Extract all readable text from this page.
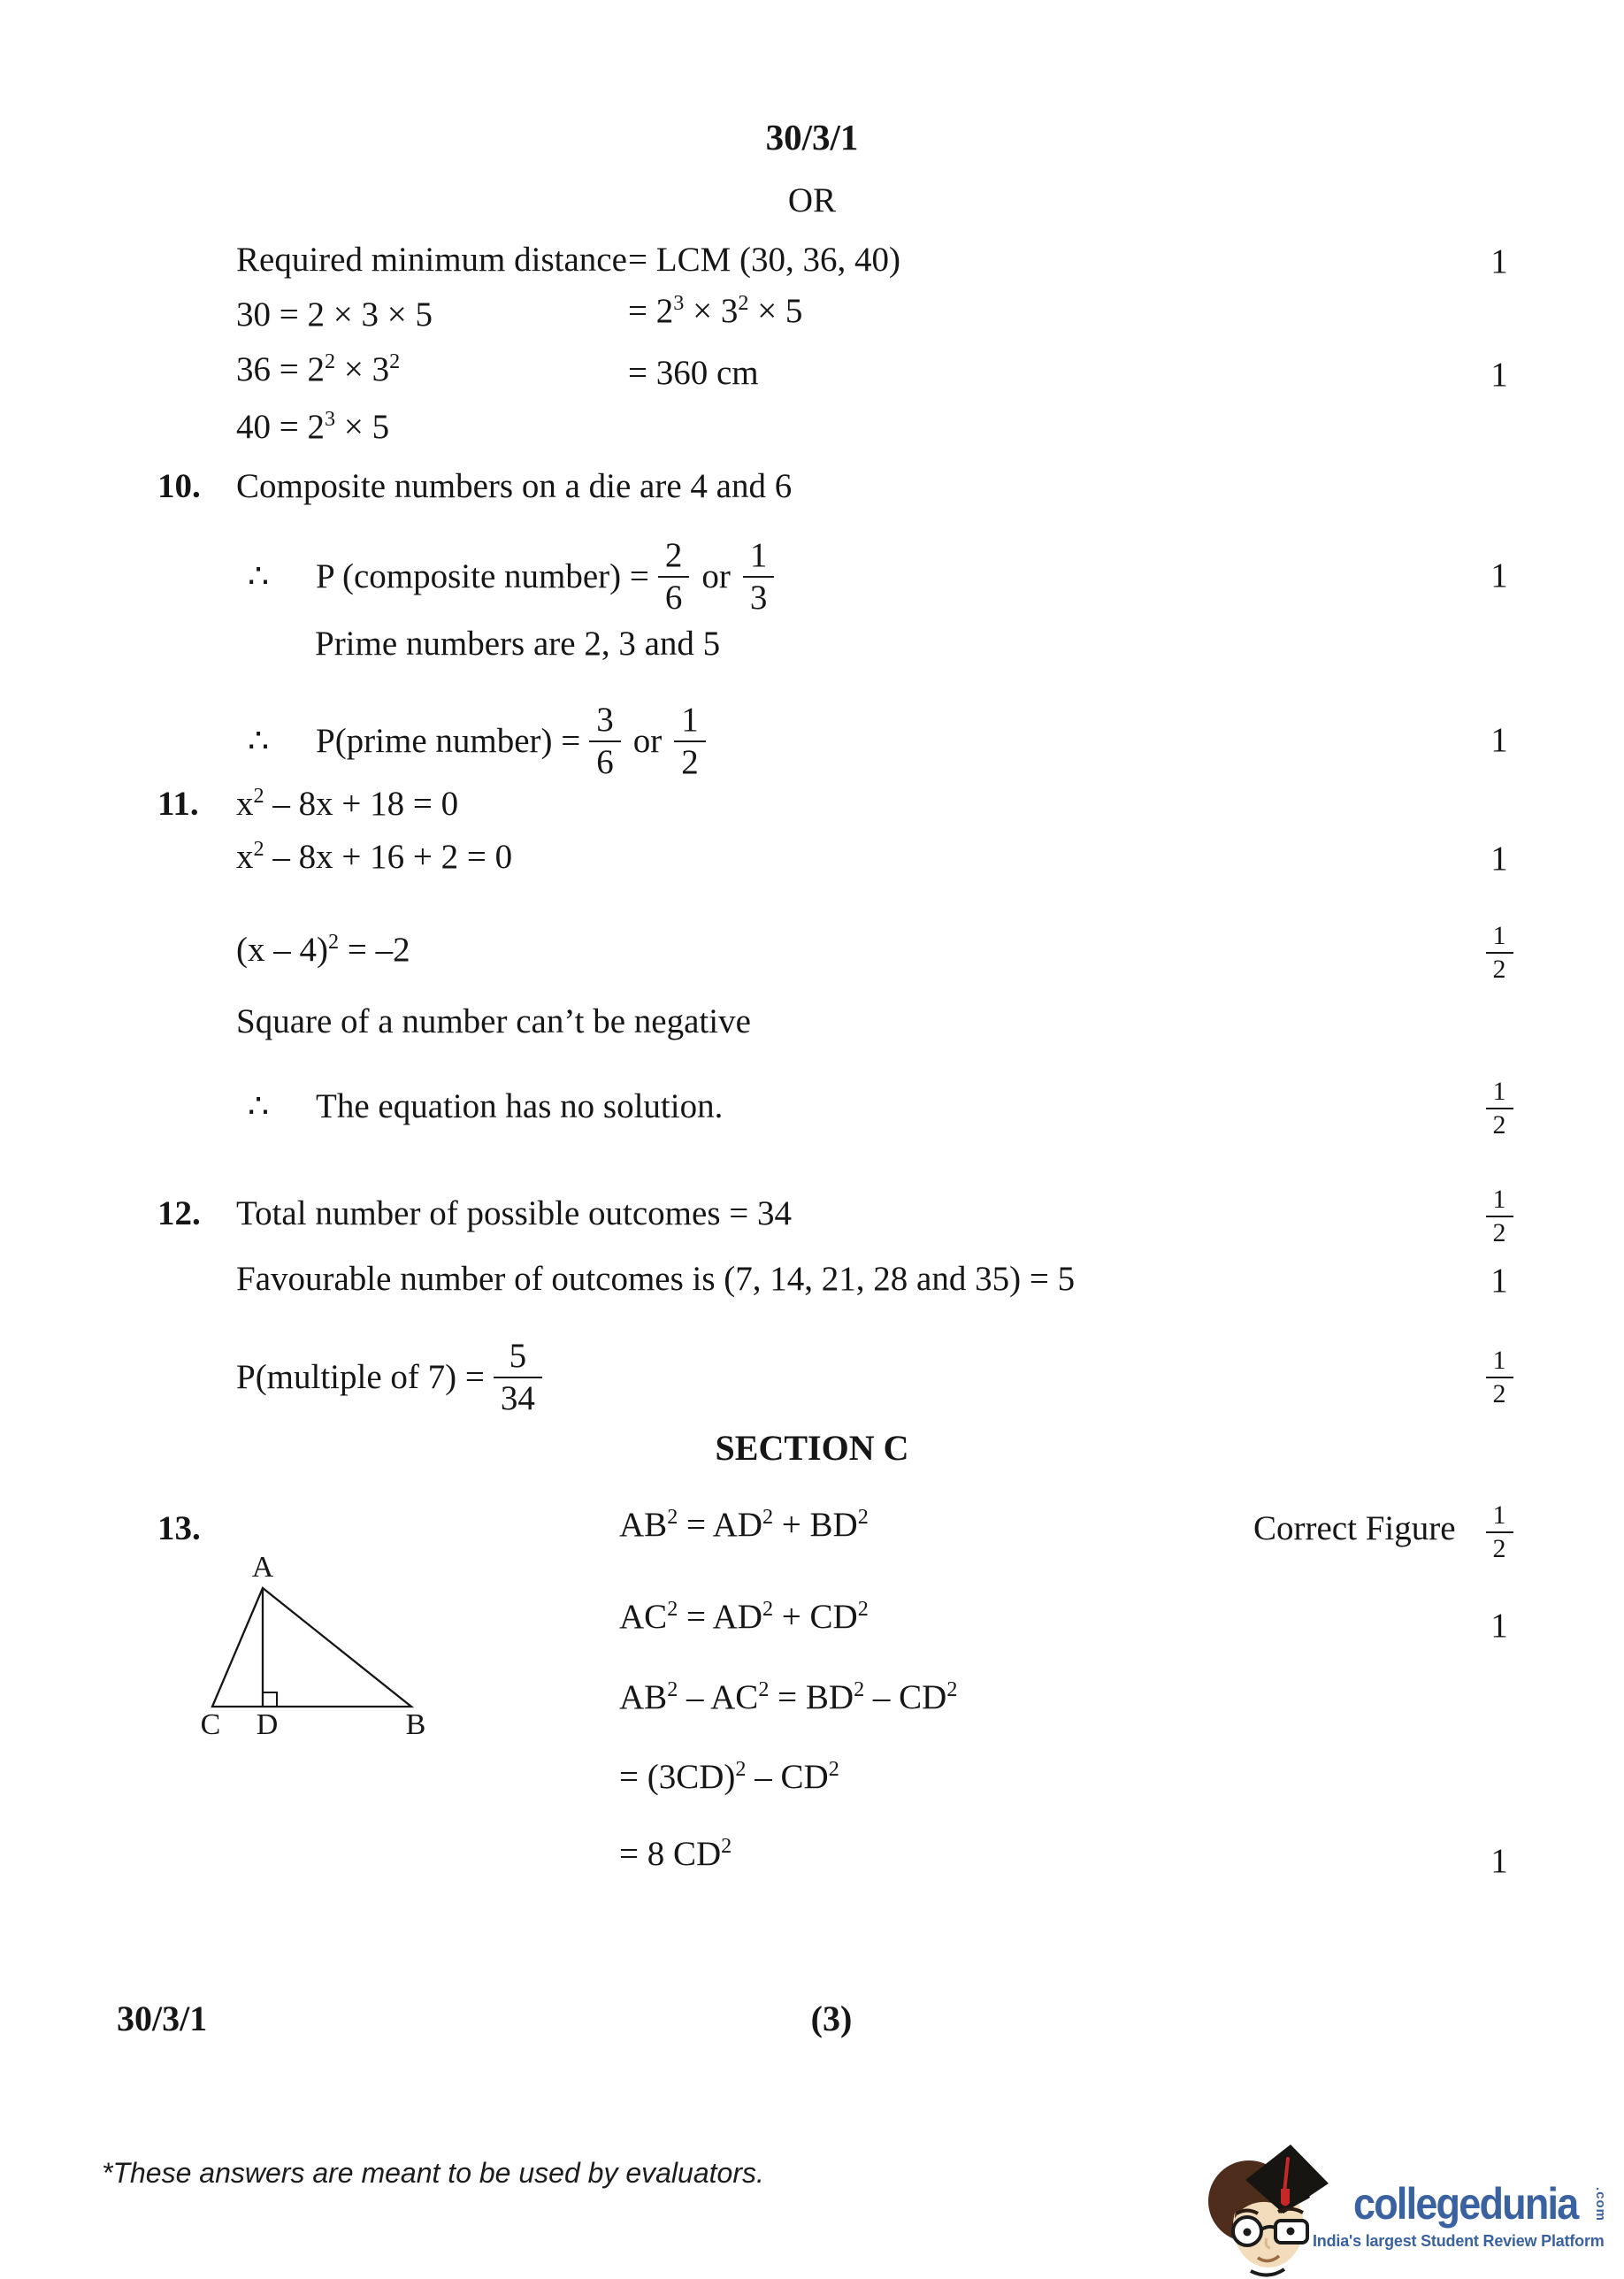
30/3/1
OR
Required minimum distance = LCM (30, 36, 40)	1
30 = 2 × 3 × 5	= $2^3 \times 3^2 \times 5$
$36 = 2^2 \times 3^2$	= 360 cm	1
$40 = 2^3 \times 5$
10. Composite numbers on a die are 4 and 6
∴	P (composite number) = $\frac{2}{6}$ or $\frac{1}{3}$	1
Prime numbers are 2, 3 and 5
∴	P(prime number) = $\frac{3}{6}$ or $\frac{1}{2}$	1
11. $x^2 - 8x + 18 = 0$
$x^2 - 8x + 16 + 2 = 0$	1
(x – 4)$^2$ = –2	$\frac{1}{2}$
Square of a number can’t be negative
∴	The equation has no solution.	$\frac{1}{2}$
12. Total number of possible outcomes = 34	$\frac{1}{2}$
Favourable number of outcomes is (7, 14, 21, 28 and 35) = 5	1
P(multiple of $7) = \frac{5}{34}$	$\frac{1}{2}$
SECTION C
13.
A
C D	B
$AB^2 = AD^2 + BD^2$	Correct Figure $\frac{1}{2}$
$AC^2 = AD^2 + CD^2$	1
$AB^2 - AC^2 = BD^2 - CD^2$
= $(3CD)^2 - CD^2$
= 8 $CD^2$	1
30/3/1	(3)
*These answers are meant to be used by evaluators.
collegedunia .com
India's largest Student Review Platform
